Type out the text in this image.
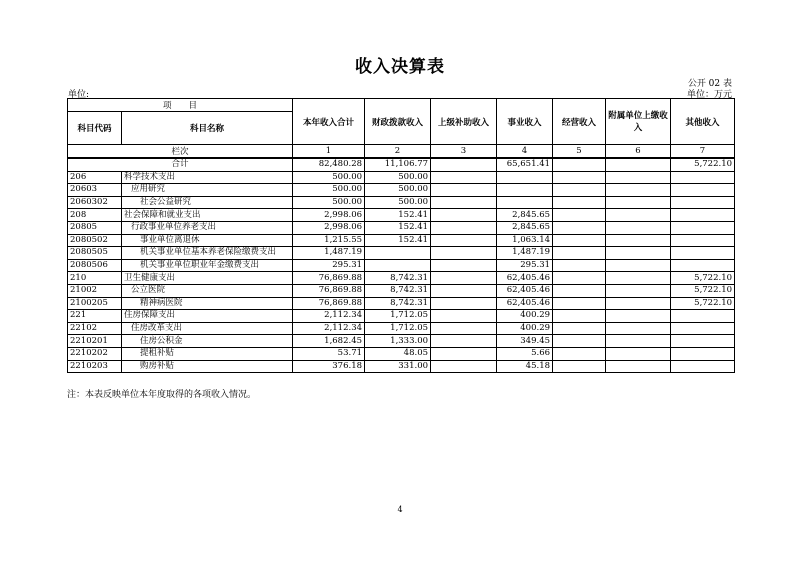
收入决算表
公开 02 表
单位:	单位：万元
项　　目		本年收入合计	财政拨款收入	上级补助收入	事业收入	经营收入	附属单位上缴收入	其他收入
科目代码	科目名称							
栏次		1	2	3	4	5	6	7
合计		82,480.28	11,106.77		65,651.41			5,722.10
206	科学技术支出	500.00	500.00					
20603	应用研究	500.00	500.00					
2060302	社会公益研究	500.00	500.00					
208	社会保障和就业支出	2,998.06	152.41		2,845.65			
20805	行政事业单位养老支出	2,998.06	152.41		2,845.65			
2080502	事业单位离退休	1,215.55	152.41		1,063.14			
2080505	机关事业单位基本养老保险缴费支出	1,487.19			1,487.19			
2080506	机关事业单位职业年金缴费支出	295.31			295.31			
210	卫生健康支出	76,869.88	8,742.31		62,405.46			5,722.10
21002	公立医院	76,869.88	8,742.31		62,405.46			5,722.10
2100205	精神病医院	76,869.88	8,742.31		62,405.46			5,722.10
221	住房保障支出	2,112.34	1,712.05		400.29			
22102	住房改革支出	2,112.34	1,712.05		400.29			
2210201	住房公积金	1,682.45	1,333.00		349.45			
2210202	提租补贴	53.71	48.05		5.66			
2210203	购房补贴	376.18	331.00		45.18			
注：本表反映单位本年度取得的各项收入情况。
4
